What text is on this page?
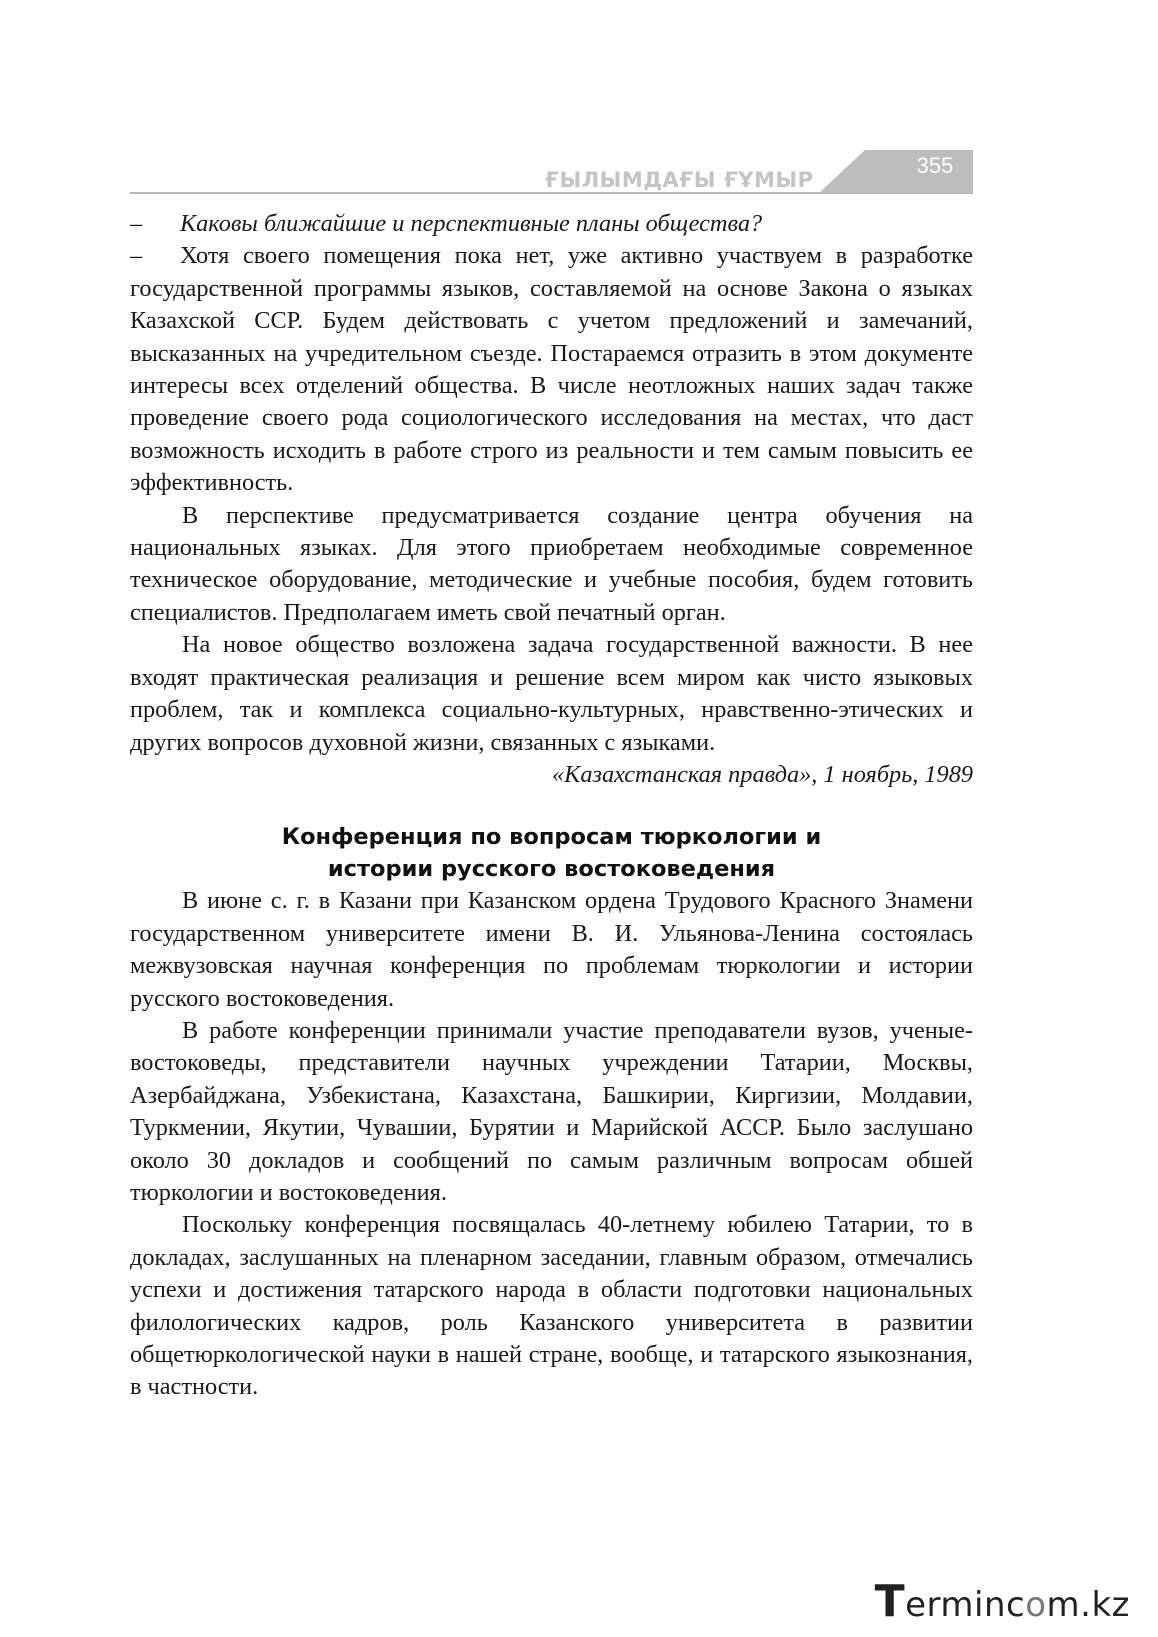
ҒЫЛЫМДАҒЫ ҒҰМЫР
355

– Каковы ближайшие и перспективные планы общества?

– Хотя своего помещения пока нет, уже активно участвуем в разработке государственной программы языков, составляемой на основе Закона о языках Казахской ССР. Будем действовать с учетом предложений и замечаний, высказанных на учредительном съезде. Постараемся отразить в этом документе интересы всех отделений общества. В числе неотложных наших задач также проведение своего рода социологического исследования на местах, что даст возможность исходить в работе строго из реальности и тем самым повысить ее эффективность.

В перспективе предусматривается создание центра обучения на национальных языках. Для этого приобретаем необходимые современное техническое оборудование, методические и учебные пособия, будем готовить специалистов. Предполагаем иметь свой печатный орган.

На новое общество возложена задача государственной важности. В нее входят практическая реализация и решение всем миром как чисто языковых проблем, так и комплекса социально-культурных, нравственно-этических и других вопросов духовной жизни, связанных с языками.

«Казахстанская правда», 1 ноябрь, 1989

Конференция по вопросам тюркологии и
истории русского востоковедения

В июне с. г. в Казани при Казанском ордена Трудового Красного Знамени государственном университете имени В. И. Ульянова-Ленина состоялась межвузовская научная конференция по проблемам тюркологии и истории русского востоковедения.

В работе конференции принимали участие преподаватели вузов, ученые-востоковеды, представители научных учреждении Татарии, Москвы, Азербайджана, Узбекистана, Казахстана, Башкирии, Киргизии, Молдавии, Туркмении, Якутии, Чувашии, Бурятии и Марийской АССР. Было заслушано около 30 докладов и сообщений по самым различным вопросам обшей тюркологии и востоковедения.

Поскольку конференция посвящалась 40-летнему юбилею Татарии, то в докладах, заслушанных на пленарном заседании, главным образом, отмечались успехи и достижения татарского народа в области подготовки национальных филологических кадров, роль Казанского университета в развитии общетюркологической науки в нашей стране, вообще, и татарского языкознания, в частности.

Termincom.kz
